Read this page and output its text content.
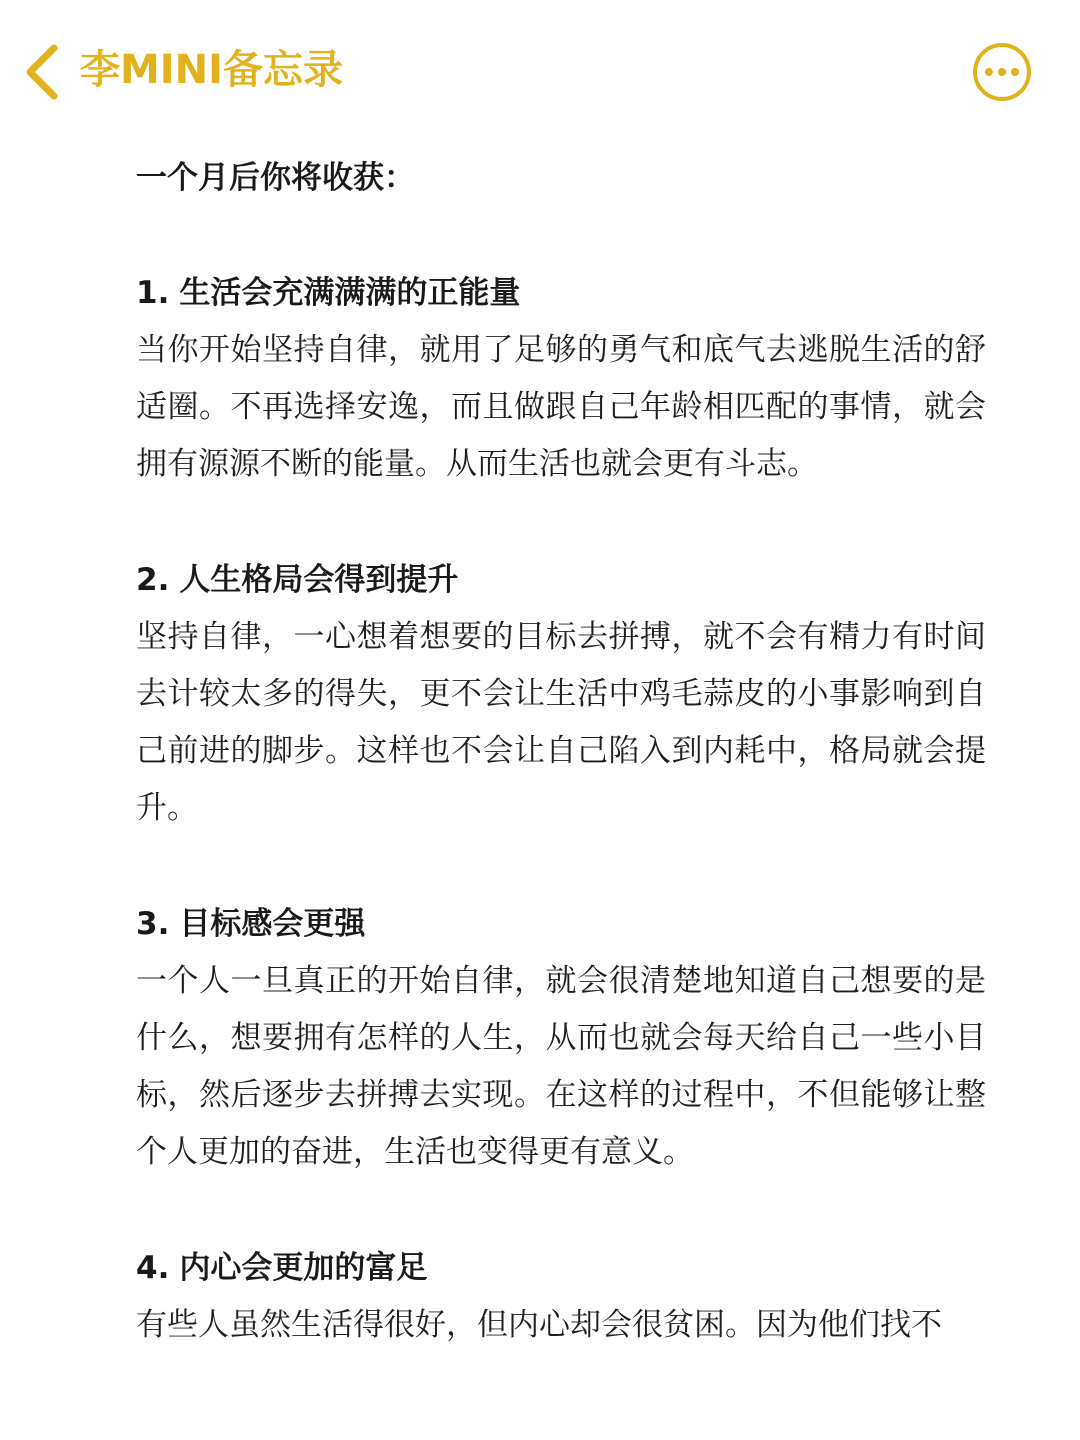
李MINI备忘录

一个月后你将收获：

1. 生活会充满满满的正能量

当你开始坚持自律，就用了足够的勇气和底气去逃脱生活的舒适圈。不再选择安逸，而且做跟自己年龄相匹配的事情，就会拥有源源不断的能量。从而生活也就会更有斗志。

2. 人生格局会得到提升

坚持自律，一心想着想要的目标去拼搏，就不会有精力有时间去计较太多的得失，更不会让生活中鸡毛蒜皮的小事影响到自己前进的脚步。这样也不会让自己陷入到内耗中，格局就会提升。

3. 目标感会更强

一个人一旦真正的开始自律，就会很清楚地知道自己想要的是什么，想要拥有怎样的人生，从而也就会每天给自己一些小目标，然后逐步去拼搏去实现。在这样的过程中，不但能够让整个人更加的奋进，生活也变得更有意义。

4. 内心会更加的富足

有些人虽然生活得很好，但内心却会很贫困。因为他们找不
